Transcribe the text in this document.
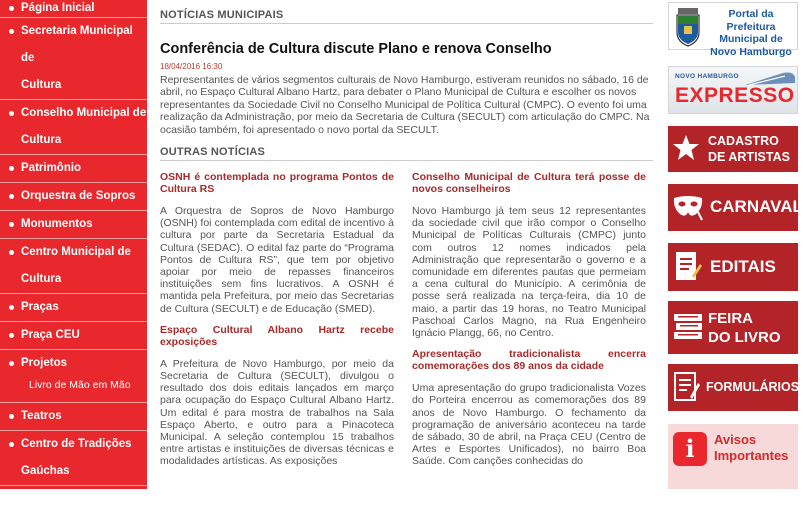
Página Inicial
Secretaria Municipal de
Cultura
Conselho Municipal de
Cultura
Patrimônio
Orquestra de Sopros
Monumentos
Centro Municipal de
Cultura
Praças
Praça CEU
Projetos
Livro de Mão em Mão
Teatros
Centro de Tradições
Gaúchas
Bibliotecas
NOTÍCIAS MUNICIPAIS
Conferência de Cultura discute Plano e renova Conselho
18/04/2016 16:30

Representantes de vários segmentos culturais de Novo Hamburgo, estiveram reunidos no sábado, 16 de abril, no Espaço Cultural Albano Hartz, para debater o Plano Municipal de Cultura e escolher os novos representantes da Sociedade Civil no Conselho Municipal de Política Cultural (CMPC). O evento foi uma realização da Administração, por meio da Secretaria de Cultura (SECULT) com articulação do CMPC. Na ocasião também, foi apresentado o novo portal da SECULT.

OUTRAS NOTÍCIAS
OSNH é contemplada no programa Pontos de Cultura RS
A Orquestra de Sopros de Novo Hamburgo (OSNH) foi contemplada com edital de incentivo à cultura por parte da Secretaria Estadual da Cultura (SEDAC). O edital faz parte do “Programa Pontos de Cultura RS”, que tem por objetivo apoiar por meio de repasses financeiros instituições sem fins lucrativos. A OSNH é mantida pela Prefeitura, por meio das Secretarias de Cultura (SECULT) e de Educação (SMED).
Espaço Cultural Albano Hartz recebe exposições
A Prefeitura de Novo Hamburgo, por meio da Secretaria de Cultura (SECULT), divulgou o resultado dos dois editais lançados em março para ocupação do Espaço Cultural Albano Hartz. Um edital é para mostra de trabalhos na Sala Espaço Aberto, e outro para a Pinacoteca Municipal. A seleção contemplou 15 trabalhos entre artistas e instituições de diversas técnicas e modalidades artísticas. As exposições
Conselho Municipal de Cultura terá posse de novos conselheiros
Novo Hamburgo já tem seus 12 representantes da sociedade civil que irão compor o Conselho Municipal de Políticas Culturais (CMPC) junto com outros 12 nomes indicados pela Administração que representarão o governo e a comunidade em diferentes pautas que permeiam a cena cultural do Município. A cerimônia de posse será realizada na terça-feira, dia 10 de maio, a partir das 19 horas, no Teatro Municipal Paschoal Carlos Magno, na Rua Engenheiro Ignácio Plangg, 66, no Centro.
Apresentação tradicionalista encerra comemorações dos 89 anos da cidade
Uma apresentação do grupo tradicionalista Vozes do Porteira encerrou as comemorações dos 89 anos de Novo Hamburgo. O fechamento da programação de aniversário aconteceu na tarde de sábado, 30 de abril, na Praça CEU (Centro de Artes e Esportes Unificados), no bairro Boa Saúde. Com canções conhecidas do
Portal da Prefeitura
Municipal de
Novo Hamburgo
NOVO HAMBURGO
EXPRESSO
CADASTRO
DE ARTISTAS
CARNAVAL
EDITAIS
FEIRA
DO LIVRO
FORMULÁRIOS
i	Avisos
Importantes
